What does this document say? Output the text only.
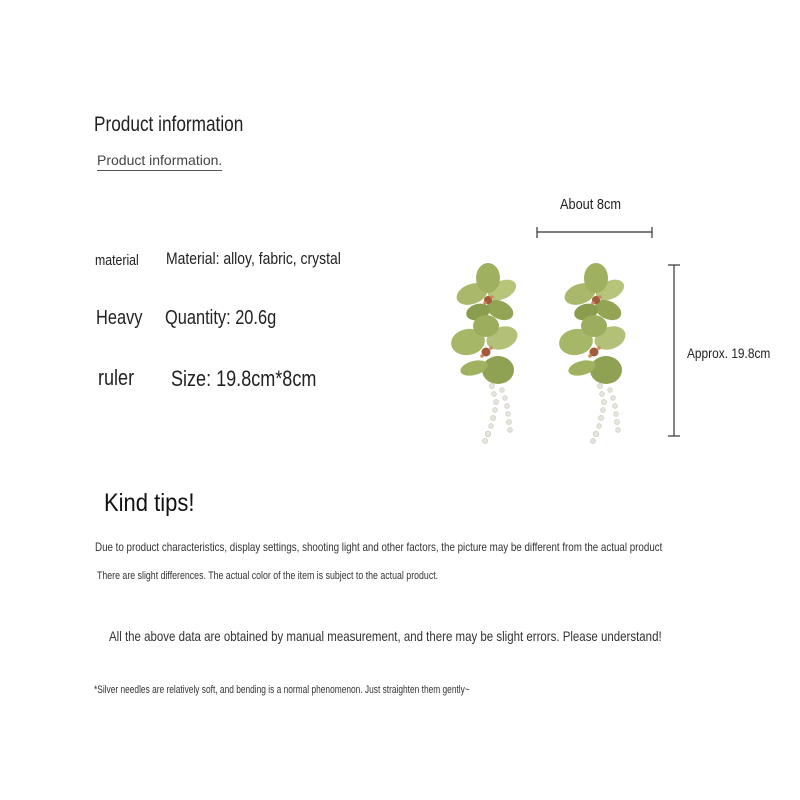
Product information
Product information.
material	Material: alloy, fabric, crystal
Heavy	Quantity: 20.6g
ruler	Size: 19.8cm*8cm
About 8cm
Approx. 19.8cm
Kind tips!
Due to product characteristics, display settings, shooting light and other factors, the picture may be different from the actual product
There are slight differences. The actual color of the item is subject to the actual product.
All the above data are obtained by manual measurement, and there may be slight errors. Please understand!
*Silver needles are relatively soft, and bending is a normal phenomenon. Just straighten them gently~
